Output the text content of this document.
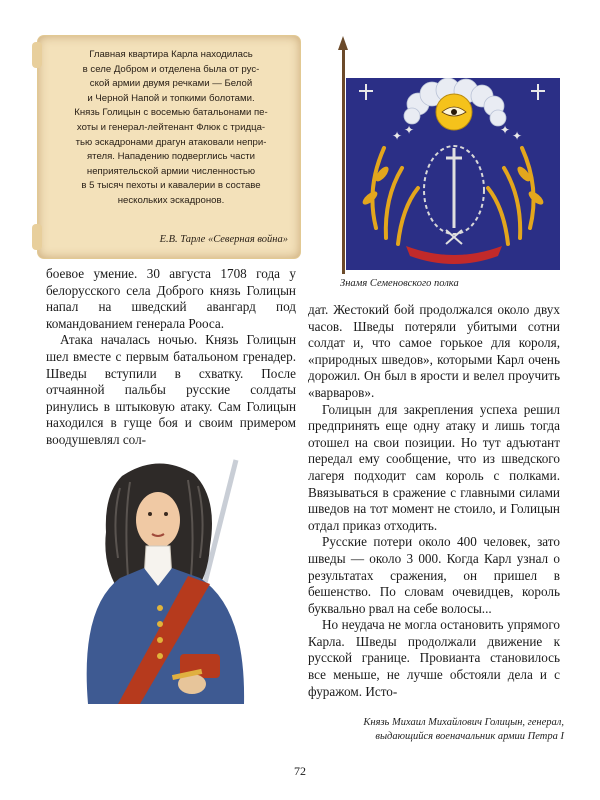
Главная квартира Карла находилась
в селе Добром и отделена была от рус-
ской армии двумя речками — Белой
и Черной Напой и топкими болотами.
Князь Голицын с восемью батальонами пе-
хоты и генерал-лейтенант Флюк с тридца-
тью эскадронами драгун атаковали непри-
ятеля. Нападению подверглись части
неприятельской армии численностью
в 5 тысяч пехоты и кавалерии в составе
нескольких эскадронов.

Е.В. Тарле «Северная война»
✦ ✦	✦ ✦
Знамя Семеновского полка

боевое умение. 30 августа 1708 года у белорусского села Доброго князь Голицын напал на шведский авангард под командованием генерала Рооса.

Атака началась ночью. Князь Голицын шел вместе с первым батальоном гренадер. Шведы вступили в схватку. После отчаянной пальбы русские солдаты ринулись в штыковую атаку. Сам Голицын находился в гуще боя и своим примером воодушевлял сол-

дат. Жестокий бой продолжался около двух часов. Шведы потеряли убитыми сотни солдат и, что самое горькое для короля, «природных шведов», которыми Карл очень дорожил. Он был в ярости и велел проучить «варваров».

Голицын для закрепления успеха решил предпринять еще одну атаку и лишь тогда отошел на свои позиции. Но тут адъютант передал ему сообщение, что из шведского лагеря подходит сам король с полками. Ввязываться в сражение с главными силами шведов на тот момент не стоило, и Голицын отдал приказ отходить.

Русские потери около 400 человек, зато шведы — около 3 000. Когда Карл узнал о результатах сражения, он пришел в бешенство. По словам очевидцев, король буквально рвал на себе волосы...

Но неудача не могла остановить упрямого Карла. Шведы продолжали движение к русской границе. Провианта становилось все меньше, не лучше обстояли дела и с фуражом. Исто-

Князь Михаил Михайлович Голицын, генерал,
выдающийся военачальник армии Петра I
72
